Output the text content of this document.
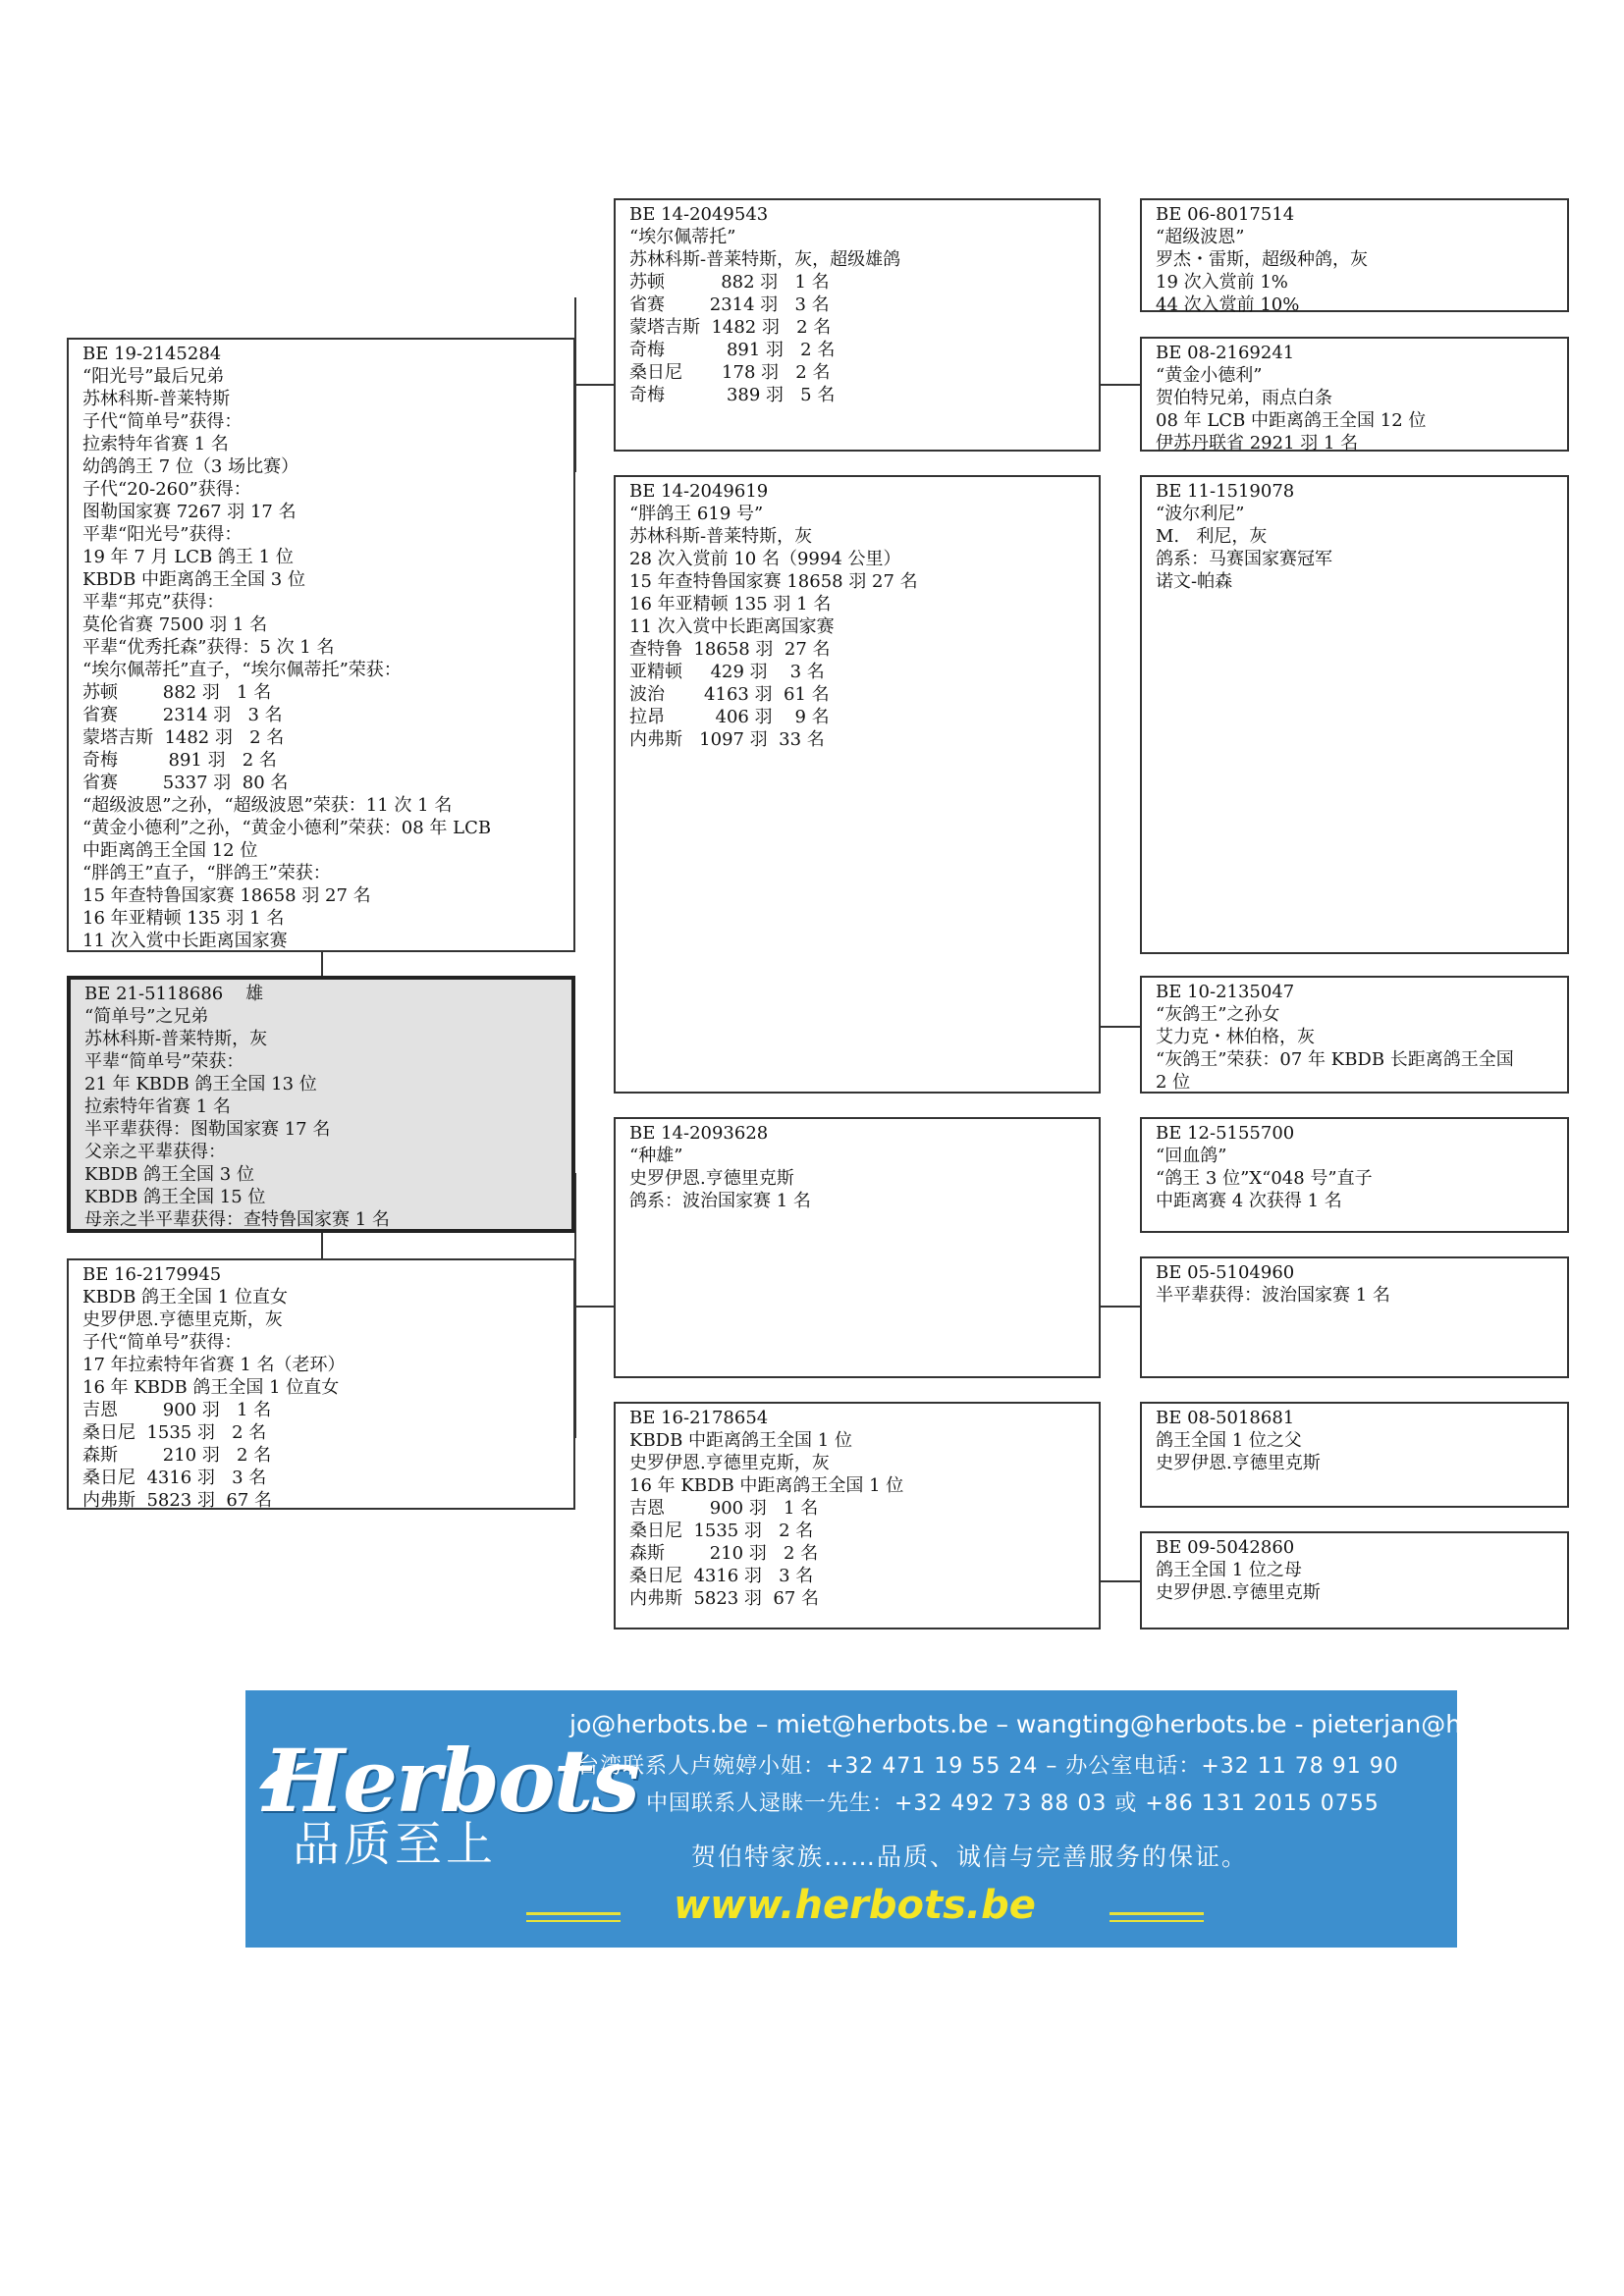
BE 19-2145284
“阳光号”最后兄弟
苏林科斯-普莱特斯
子代“简单号”获得：
拉索特年省赛 1 名
幼鸽鸽王 7 位（3 场比赛）
子代“20-260”获得：
图勒国家赛 7267 羽 17 名
平辈“阳光号”获得：
19 年 7 月 LCB 鸽王 1 位
KBDB 中距离鸽王全国 3 位
平辈“邦克”获得：
莫伦省赛 7500 羽 1 名
平辈“优秀托森”获得：5 次 1 名
“埃尔佩蒂托”直子，“埃尔佩蒂托”荣获：
苏顿        882 羽   1 名
省赛        2314 羽   3 名
蒙塔吉斯  1482 羽   2 名
奇梅         891 羽   2 名
省赛        5337 羽  80 名
“超级波恩”之孙，“超级波恩”荣获：11 次 1 名
“黄金小德利”之孙，“黄金小德利”荣获：08 年 LCB
中距离鸽王全国 12 位
“胖鸽王”直子，“胖鸽王”荣获：
15 年查特鲁国家赛 18658 羽 27 名
16 年亚精顿 135 羽 1 名
11 次入赏中长距离国家赛
BE 21-5118686    雄
“简单号”之兄弟
苏林科斯-普莱特斯，灰
平辈“简单号”荣获：
21 年 KBDB 鸽王全国 13 位
拉索特年省赛 1 名
半平辈获得：图勒国家赛 17 名
父亲之平辈获得：
KBDB 鸽王全国 3 位
KBDB 鸽王全国 15 位
母亲之半平辈获得：查特鲁国家赛 1 名
BE 16-2179945
KBDB 鸽王全国 1 位直女
史罗伊恩.亨德里克斯，灰
子代“简单号”获得：
17 年拉索特年省赛 1 名（老环）
16 年 KBDB 鸽王全国 1 位直女
吉恩        900 羽   1 名
桑日尼  1535 羽   2 名
森斯        210 羽   2 名
桑日尼  4316 羽   3 名
内弗斯  5823 羽  67 名
BE 14-2049543
“埃尔佩蒂托”
苏林科斯-普莱特斯，灰，超级雄鸽
苏顿          882 羽   1 名
省赛        2314 羽   3 名
蒙塔吉斯  1482 羽   2 名
奇梅           891 羽   2 名
桑日尼       178 羽   2 名
奇梅           389 羽   5 名
BE 14-2049619
“胖鸽王 619 号”
苏林科斯-普莱特斯，灰
28 次入赏前 10 名（9994 公里）
15 年查特鲁国家赛 18658 羽 27 名
16 年亚精顿 135 羽 1 名
11 次入赏中长距离国家赛
查特鲁  18658 羽  27 名
亚精顿     429 羽    3 名
波治       4163 羽  61 名
拉昂         406 羽    9 名
内弗斯   1097 羽  33 名
BE 14-2093628
“种雄”
史罗伊恩.亨德里克斯
鸽系：波治国家赛 1 名
BE 16-2178654
KBDB 中距离鸽王全国 1 位
史罗伊恩.亨德里克斯，灰
16 年 KBDB 中距离鸽王全国 1 位
吉恩        900 羽   1 名
桑日尼  1535 羽   2 名
森斯        210 羽   2 名
桑日尼  4316 羽   3 名
内弗斯  5823 羽  67 名
BE 06-8017514
“超级波恩”
罗杰・雷斯，超级种鸽，灰
19 次入赏前 1%
44 次入赏前 10%
BE 08-2169241
“黄金小德利”
贺伯特兄弟，雨点白条
08 年 LCB 中距离鸽王全国 12 位
伊苏丹联省 2921 羽 1 名
BE 11-1519078
“波尔利尼”
M.   利尼，灰
鸽系：马赛国家赛冠军
诺文-帕森
BE 10-2135047
“灰鸽王”之孙女
艾力克・林伯格，灰
“灰鸽王”荣获：07 年 KBDB 长距离鸽王全国
2 位
BE 12-5155700
“回血鸽”
“鸽王 3 位”X“048 号”直子
中距离赛 4 次获得 1 名
BE 05-5104960
半平辈获得：波治国家赛 1 名
BE 08-5018681
鸽王全国 1 位之父
史罗伊恩.亨德里克斯
BE 09-5042860
鸽王全国 1 位之母
史罗伊恩.亨德里克斯
Herbots
品质至上
jo@herbots.be – miet@herbots.be – wangting@herbots.be - pieterjan@herbots.be
台湾联系人卢婉婷小姐：+32 471 19 55 24 – 办公室电话：+32 11 78 91 90
中国联系人逯睐一先生：+32 492 73 88 03 或 +86 131 2015 0755
贺伯特家族……品质、诚信与完善服务的保证。
www.herbots.be
